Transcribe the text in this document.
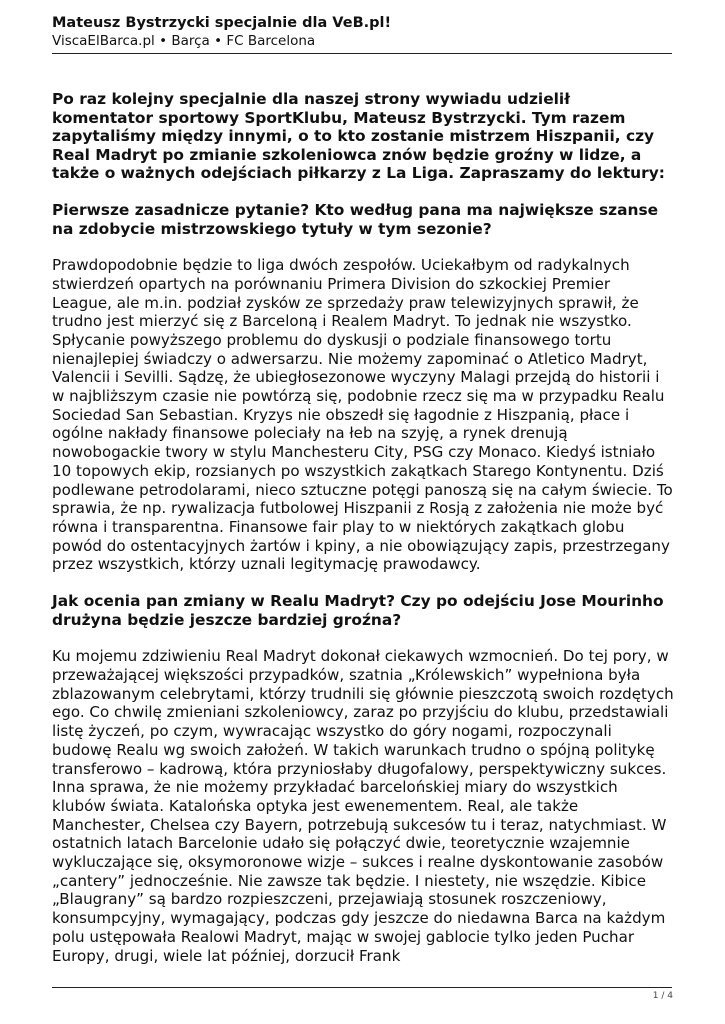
Mateusz Bystrzycki specjalnie dla VeB.pl!
ViscaElBarca.pl • Barça • FC Barcelona

Po raz kolejny specjalnie dla naszej strony wywiadu udzielił komentator sportowy SportKlubu, Mateusz Bystrzycki. Tym razem zapytaliśmy między innymi, o to kto zostanie mistrzem Hiszpanii, czy Real Madryt po zmianie szkoleniowca znów będzie groźny w lidze, a także o ważnych odejściach piłkarzy z La Liga. Zapraszamy do lektury:

Pierwsze zasadnicze pytanie? Kto według pana ma największe szanse na zdobycie mistrzowskiego tytuły w tym sezonie?

Prawdopodobnie będzie to liga dwóch zespołów. Uciekałbym od radykalnych stwierdzeń opartych na porównaniu Primera Division do szkockiej Premier League, ale m.in. podział zysków ze sprzedaży praw telewizyjnych sprawił, że trudno jest mierzyć się z Barceloną i Realem Madryt. To jednak nie wszystko. Spłycanie powyższego problemu do dyskusji o podziale finansowego tortu nienajlepiej świadczy o adwersarzu. Nie możemy zapominać o Atletico Madryt, Valencii i Sevilli. Sądzę, że ubiegłosezonowe wyczyny Malagi przejdą do historii i w najbliższym czasie nie powtórzą się, podobnie rzecz się ma w przypadku Realu Sociedad San Sebastian. Kryzys nie obszedł się łagodnie z Hiszpanią, płace i ogólne nakłady finansowe poleciały na łeb na szyję, a rynek drenują nowobogackie twory w stylu Manchesteru City, PSG czy Monaco. Kiedyś istniało 10 topowych ekip, rozsianych po wszystkich zakątkach Starego Kontynentu. Dziś podlewane petrodolarami, nieco sztuczne potęgi panoszą się na całym świecie. To sprawia, że np. rywalizacja futbolowej Hiszpanii z Rosją z założenia nie może być równa i transparentna. Finansowe fair play to w niektórych zakątkach globu powód do ostentacyjnych żartów i kpiny, a nie obowiązujący zapis, przestrzegany przez wszystkich, którzy uznali legitymację prawodawcy.

Jak ocenia pan zmiany w Realu Madryt? Czy po odejściu Jose Mourinho drużyna będzie jeszcze bardziej groźna?

Ku mojemu zdziwieniu Real Madryt dokonał ciekawych wzmocnień. Do tej pory, w przeważającej większości przypadków, szatnia „Królewskich” wypełniona była zblazowanym celebrytami, którzy trudnili się głównie pieszczotą swoich rozdętych ego. Co chwilę zmieniani szkoleniowcy, zaraz po przyjściu do klubu, przedstawiali listę życzeń, po czym, wywracając wszystko do góry nogami, rozpoczynali budowę Realu wg swoich założeń. W takich warunkach trudno o spójną politykę transferowo – kadrową, która przyniosłaby długofalowy, perspektywiczny sukces. Inna sprawa, że nie możemy przykładać barcelońskiej miary do wszystkich klubów świata. Katalońska optyka jest ewenementem. Real, ale także Manchester, Chelsea czy Bayern, potrzebują sukcesów tu i teraz, natychmiast. W ostatnich latach Barcelonie udało się połączyć dwie, teoretycznie wzajemnie wykluczające się, oksymoronowe wizje – sukces i realne dyskontowanie zasobów „cantery” jednocześnie. Nie zawsze tak będzie. I niestety, nie wszędzie. Kibice „Blaugrany” są bardzo rozpieszczeni, przejawiają stosunek roszczeniowy, konsumpcyjny, wymagający, podczas gdy jeszcze do niedawna Barca na każdym polu ustępowała Realowi Madryt, mając w swojej gablocie tylko jeden Puchar Europy, drugi, wiele lat później, dorzucił Frank

1 / 4
